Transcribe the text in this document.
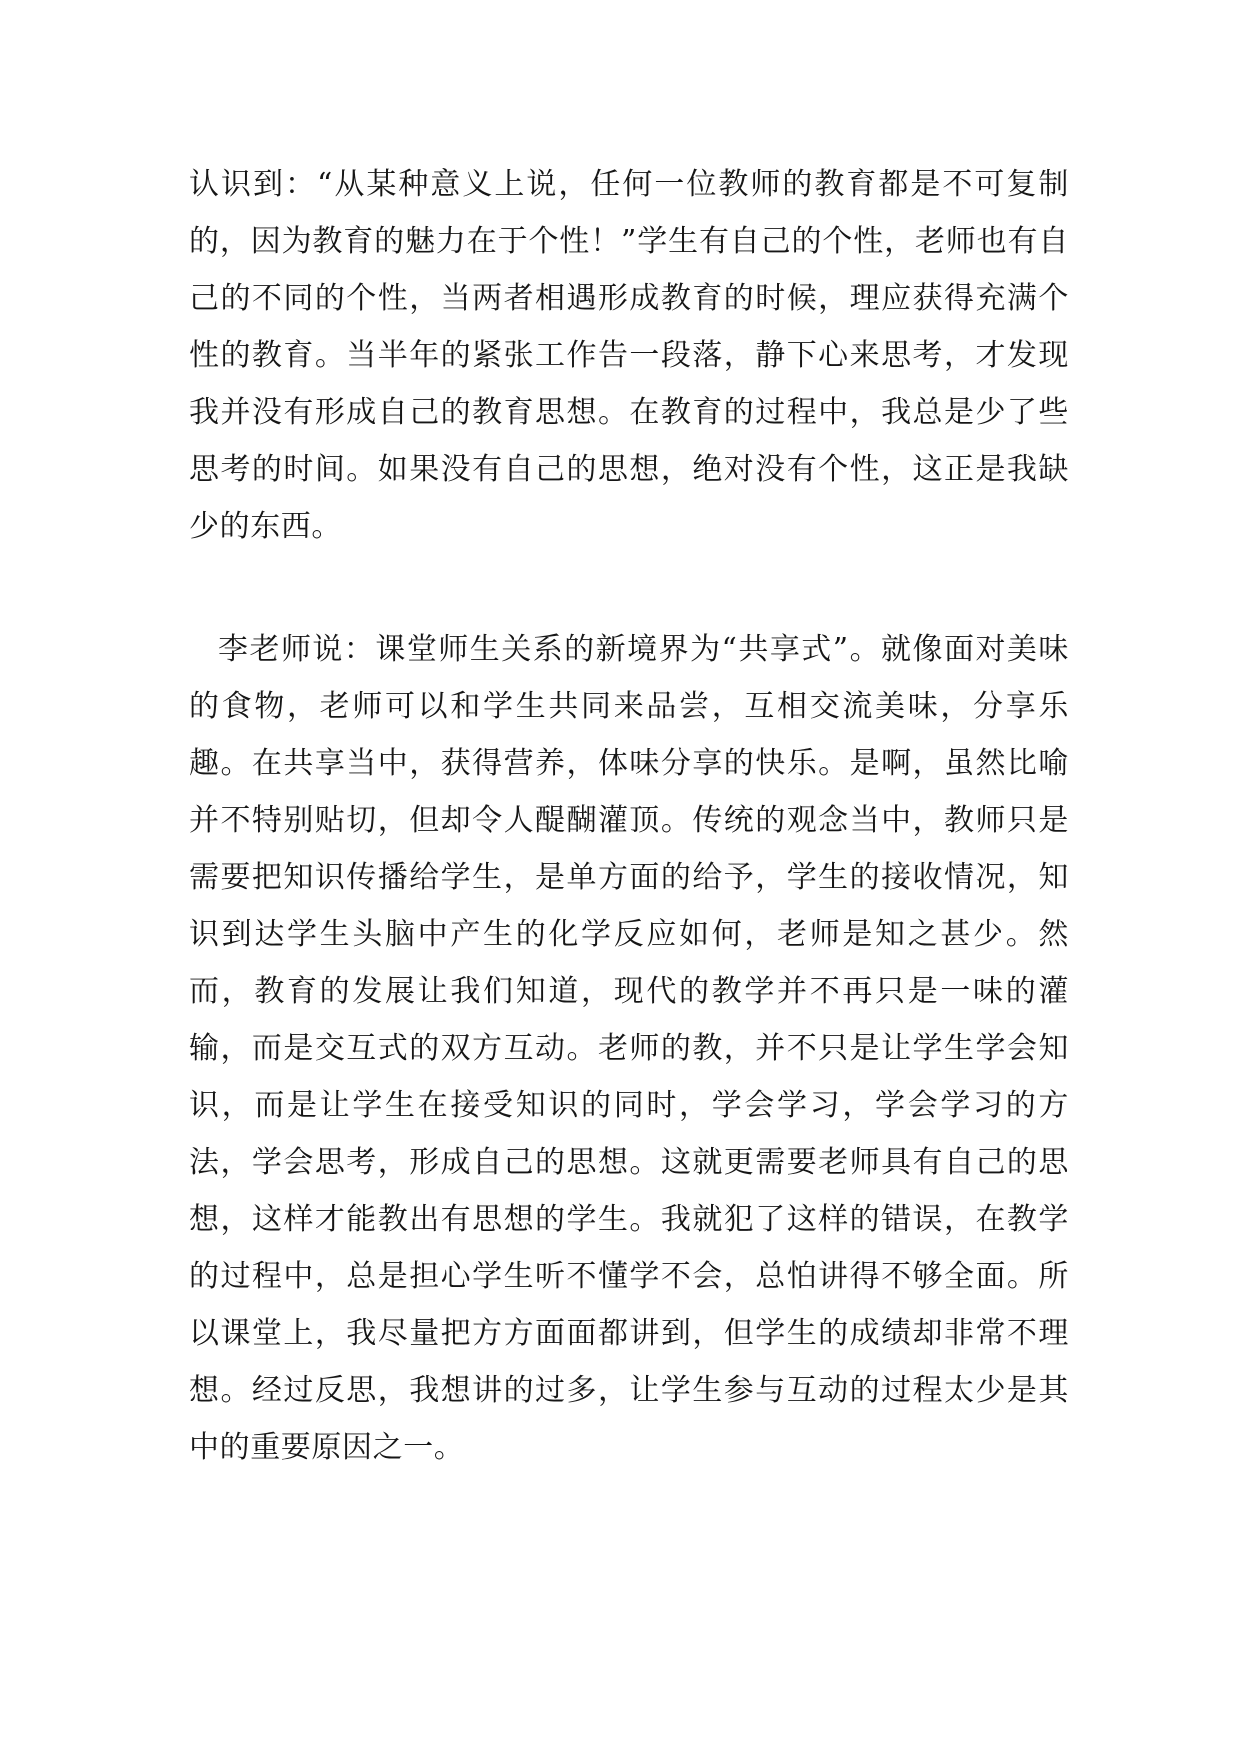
认识到：“从某种意义上说，任何一位教师的教育都是不可复制的，因为教育的魅力在于个性！”学生有自己的个性，老师也有自己的不同的个性，当两者相遇形成教育的时候，理应获得充满个性的教育。当半年的紧张工作告一段落，静下心来思考，才发现我并没有形成自己的教育思想。在教育的过程中，我总是少了些思考的时间。如果没有自己的思想，绝对没有个性，这正是我缺少的东西。

李老师说：课堂师生关系的新境界为“共享式”。就像面对美味的食物，老师可以和学生共同来品尝，互相交流美味，分享乐趣。在共享当中，获得营养，体味分享的快乐。是啊，虽然比喻并不特别贴切，但却令人醍醐灌顶。传统的观念当中，教师只是需要把知识传播给学生，是单方面的给予，学生的接收情况，知识到达学生头脑中产生的化学反应如何，老师是知之甚少。然而，教育的发展让我们知道，现代的教学并不再只是一味的灌输，而是交互式的双方互动。老师的教，并不只是让学生学会知识，而是让学生在接受知识的同时，学会学习，学会学习的方法，学会思考，形成自己的思想。这就更需要老师具有自己的思想，这样才能教出有思想的学生。我就犯了这样的错误，在教学的过程中，总是担心学生听不懂学不会，总怕讲得不够全面。所以课堂上，我尽量把方方面面都讲到，但学生的成绩却非常不理想。经过反思，我想讲的过多，让学生参与互动的过程太少是其中的重要原因之一。
